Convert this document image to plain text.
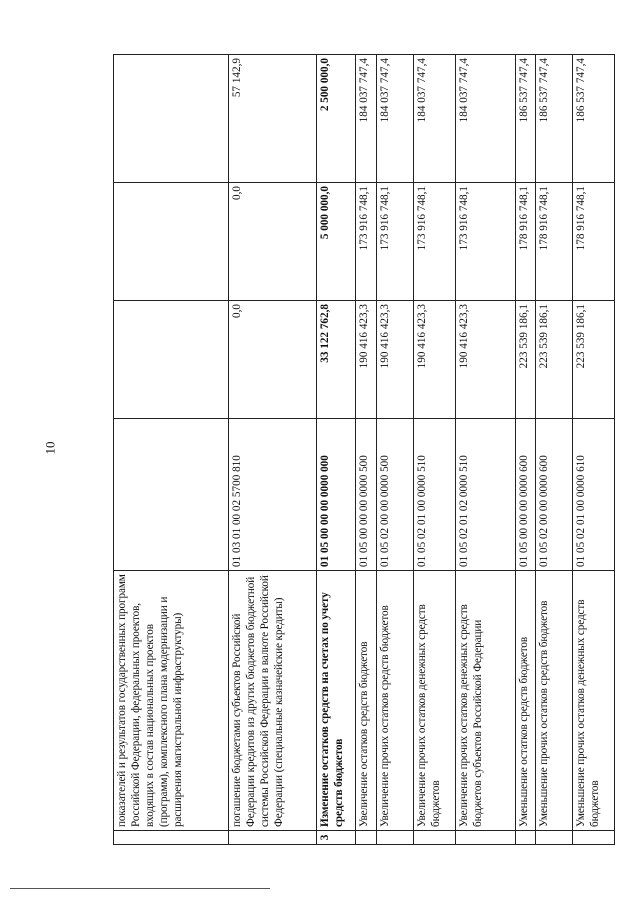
10
	показателей и результатов государственных программ Российской Федерации, федеральных проектов, входящих в состав национальных проектов (программ), комплексного плана модернизации и расширения магистральной инфраструктуры)				
	погашение бюджетами субъектов Российской Федерации кредитов из других бюджетов бюджетной системы Российской Федерации в валюте Российской Федерации (специальные казначейские кредиты)	01 03 01 00 02 5700 810	0,0	0,0	57 142,9
3	Изменение остатков средств на счетах по учету средств бюджетов	01 05 00 00 00 0000 000	33 122 762,8	5 000 000,0	2 500 000,0
	Увеличение остатков средств бюджетов	01 05 00 00 00 0000 500	190 416 423,3	173 916 748,1	184 037 747,4
	Увеличение прочих остатков средств бюджетов	01 05 02 00 00 0000 500	190 416 423,3	173 916 748,1	184 037 747,4
	Увеличение прочих остатков денежных средств бюджетов	01 05 02 01 00 0000 510	190 416 423,3	173 916 748,1	184 037 747,4
	Увеличение прочих остатков денежных средств бюджетов субъектов Российской Федерации	01 05 02 01 02 0000 510	190 416 423,3	173 916 748,1	184 037 747,4
	Уменьшение остатков средств бюджетов	01 05 00 00 00 0000 600	223 539 186,1	178 916 748,1	186 537 747,4
	Уменьшение прочих остатков средств бюджетов	01 05 02 00 00 0000 600	223 539 186,1	178 916 748,1	186 537 747,4
	Уменьшение прочих остатков денежных средств бюджетов	01 05 02 01 00 0000 610	223 539 186,1	178 916 748,1	186 537 747,4
